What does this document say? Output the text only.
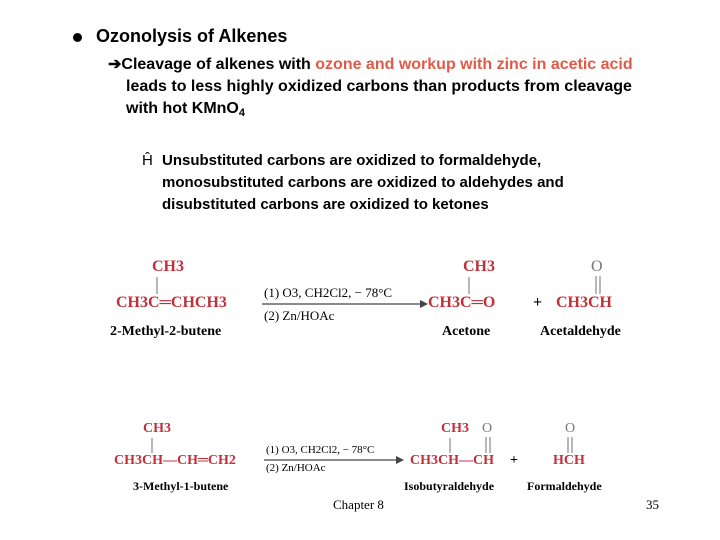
Ozonolysis of Alkenes
➔Cleavage of alkenes with ozone and workup with zinc in acetic acid
leads to less highly oxidized carbons than products from cleavage
with hot KMnO$_4$
Ĥ Unsubstituted carbons are oxidized to formaldehyde,
monosubstituted carbons are oxidized to aldehydes and
disubstituted carbons are oxidized to ketones
CH3
CH3C═CHCH3
2-Methyl-2-butene
(1) O3, CH2Cl2, − 78°C
(2) Zn/HOAc
CH3
CH3C═O +
O
CH3CH
Acetone	Acetaldehyde
CH3
CH3CH—CH═CH2
3-Methyl-1-butene
(1) O3, CH2Cl2, − 78°C
(2) Zn/HOAc
CH3 O
CH3CH—CH +
O
HCH
Isobutyraldehyde	Formaldehyde
Chapter 8	35
